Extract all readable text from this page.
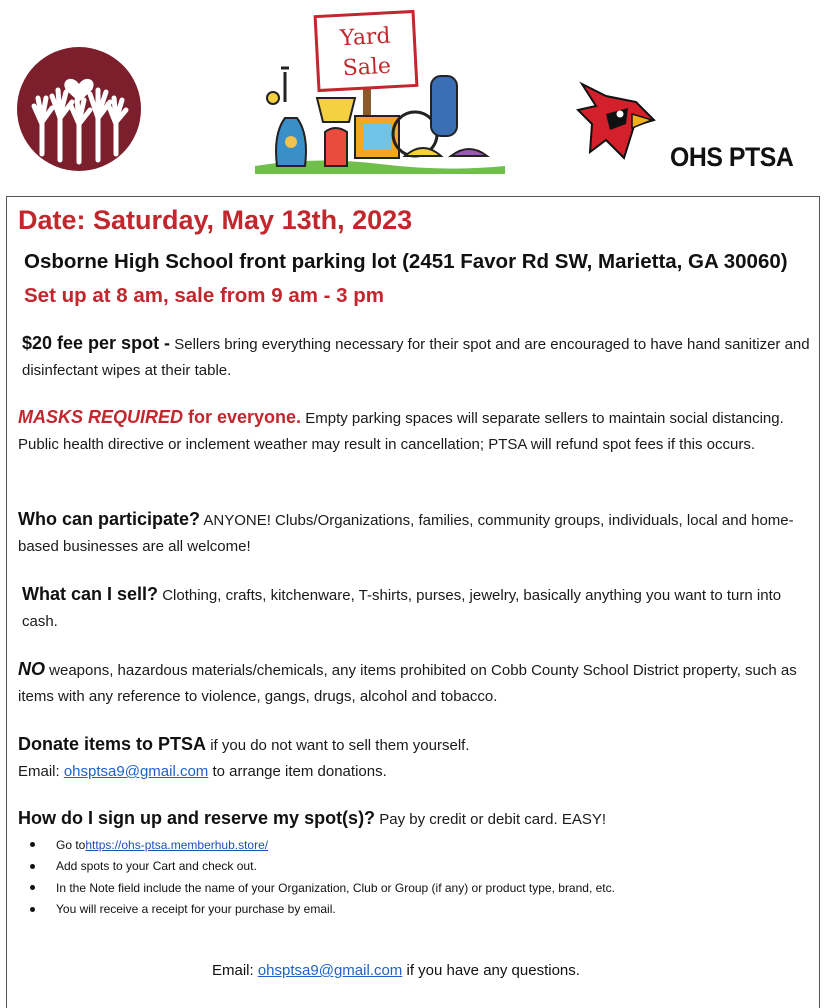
Yard
Sale
OHS PTSA
Date: Saturday, May 13th, 2023
Osborne High School front parking lot (2451 Favor Rd SW, Marietta, GA 30060)
Set up at 8 am, sale from 9 am - 3 pm
$20 fee per spot - Sellers bring everything necessary for their spot and are encouraged to have hand sanitizer and disinfectant wipes at their table.
MASKS REQUIRED for everyone. Empty parking spaces will separate sellers to maintain social distancing. Public health directive or inclement weather may result in cancellation; PTSA will refund spot fees if this occurs.
Who can participate? ANYONE! Clubs/Organizations, families, community groups, individuals, local and home-based businesses are all welcome!
What can I sell? Clothing, crafts, kitchenware, T-shirts, purses, jewelry, basically anything you want to turn into cash.
NO weapons, hazardous materials/chemicals, any items prohibited on Cobb County School District property, such as items with any reference to violence, gangs, drugs, alcohol and tobacco.
Donate items to PTSA if you do not want to sell them yourself.
Email: ohsptsa9@gmail.com to arrange item donations.
How do I sign up and reserve my spot(s)? Pay by credit or debit card. EASY!
Go to https://ohs-ptsa.memberhub.store/
Add spots to your Cart and check out.
In the Note field include the name of your Organization, Club or Group (if any) or product type, brand, etc.
You will receive a receipt for your purchase by email.
Email: ohsptsa9@gmail.com if you have any questions.
